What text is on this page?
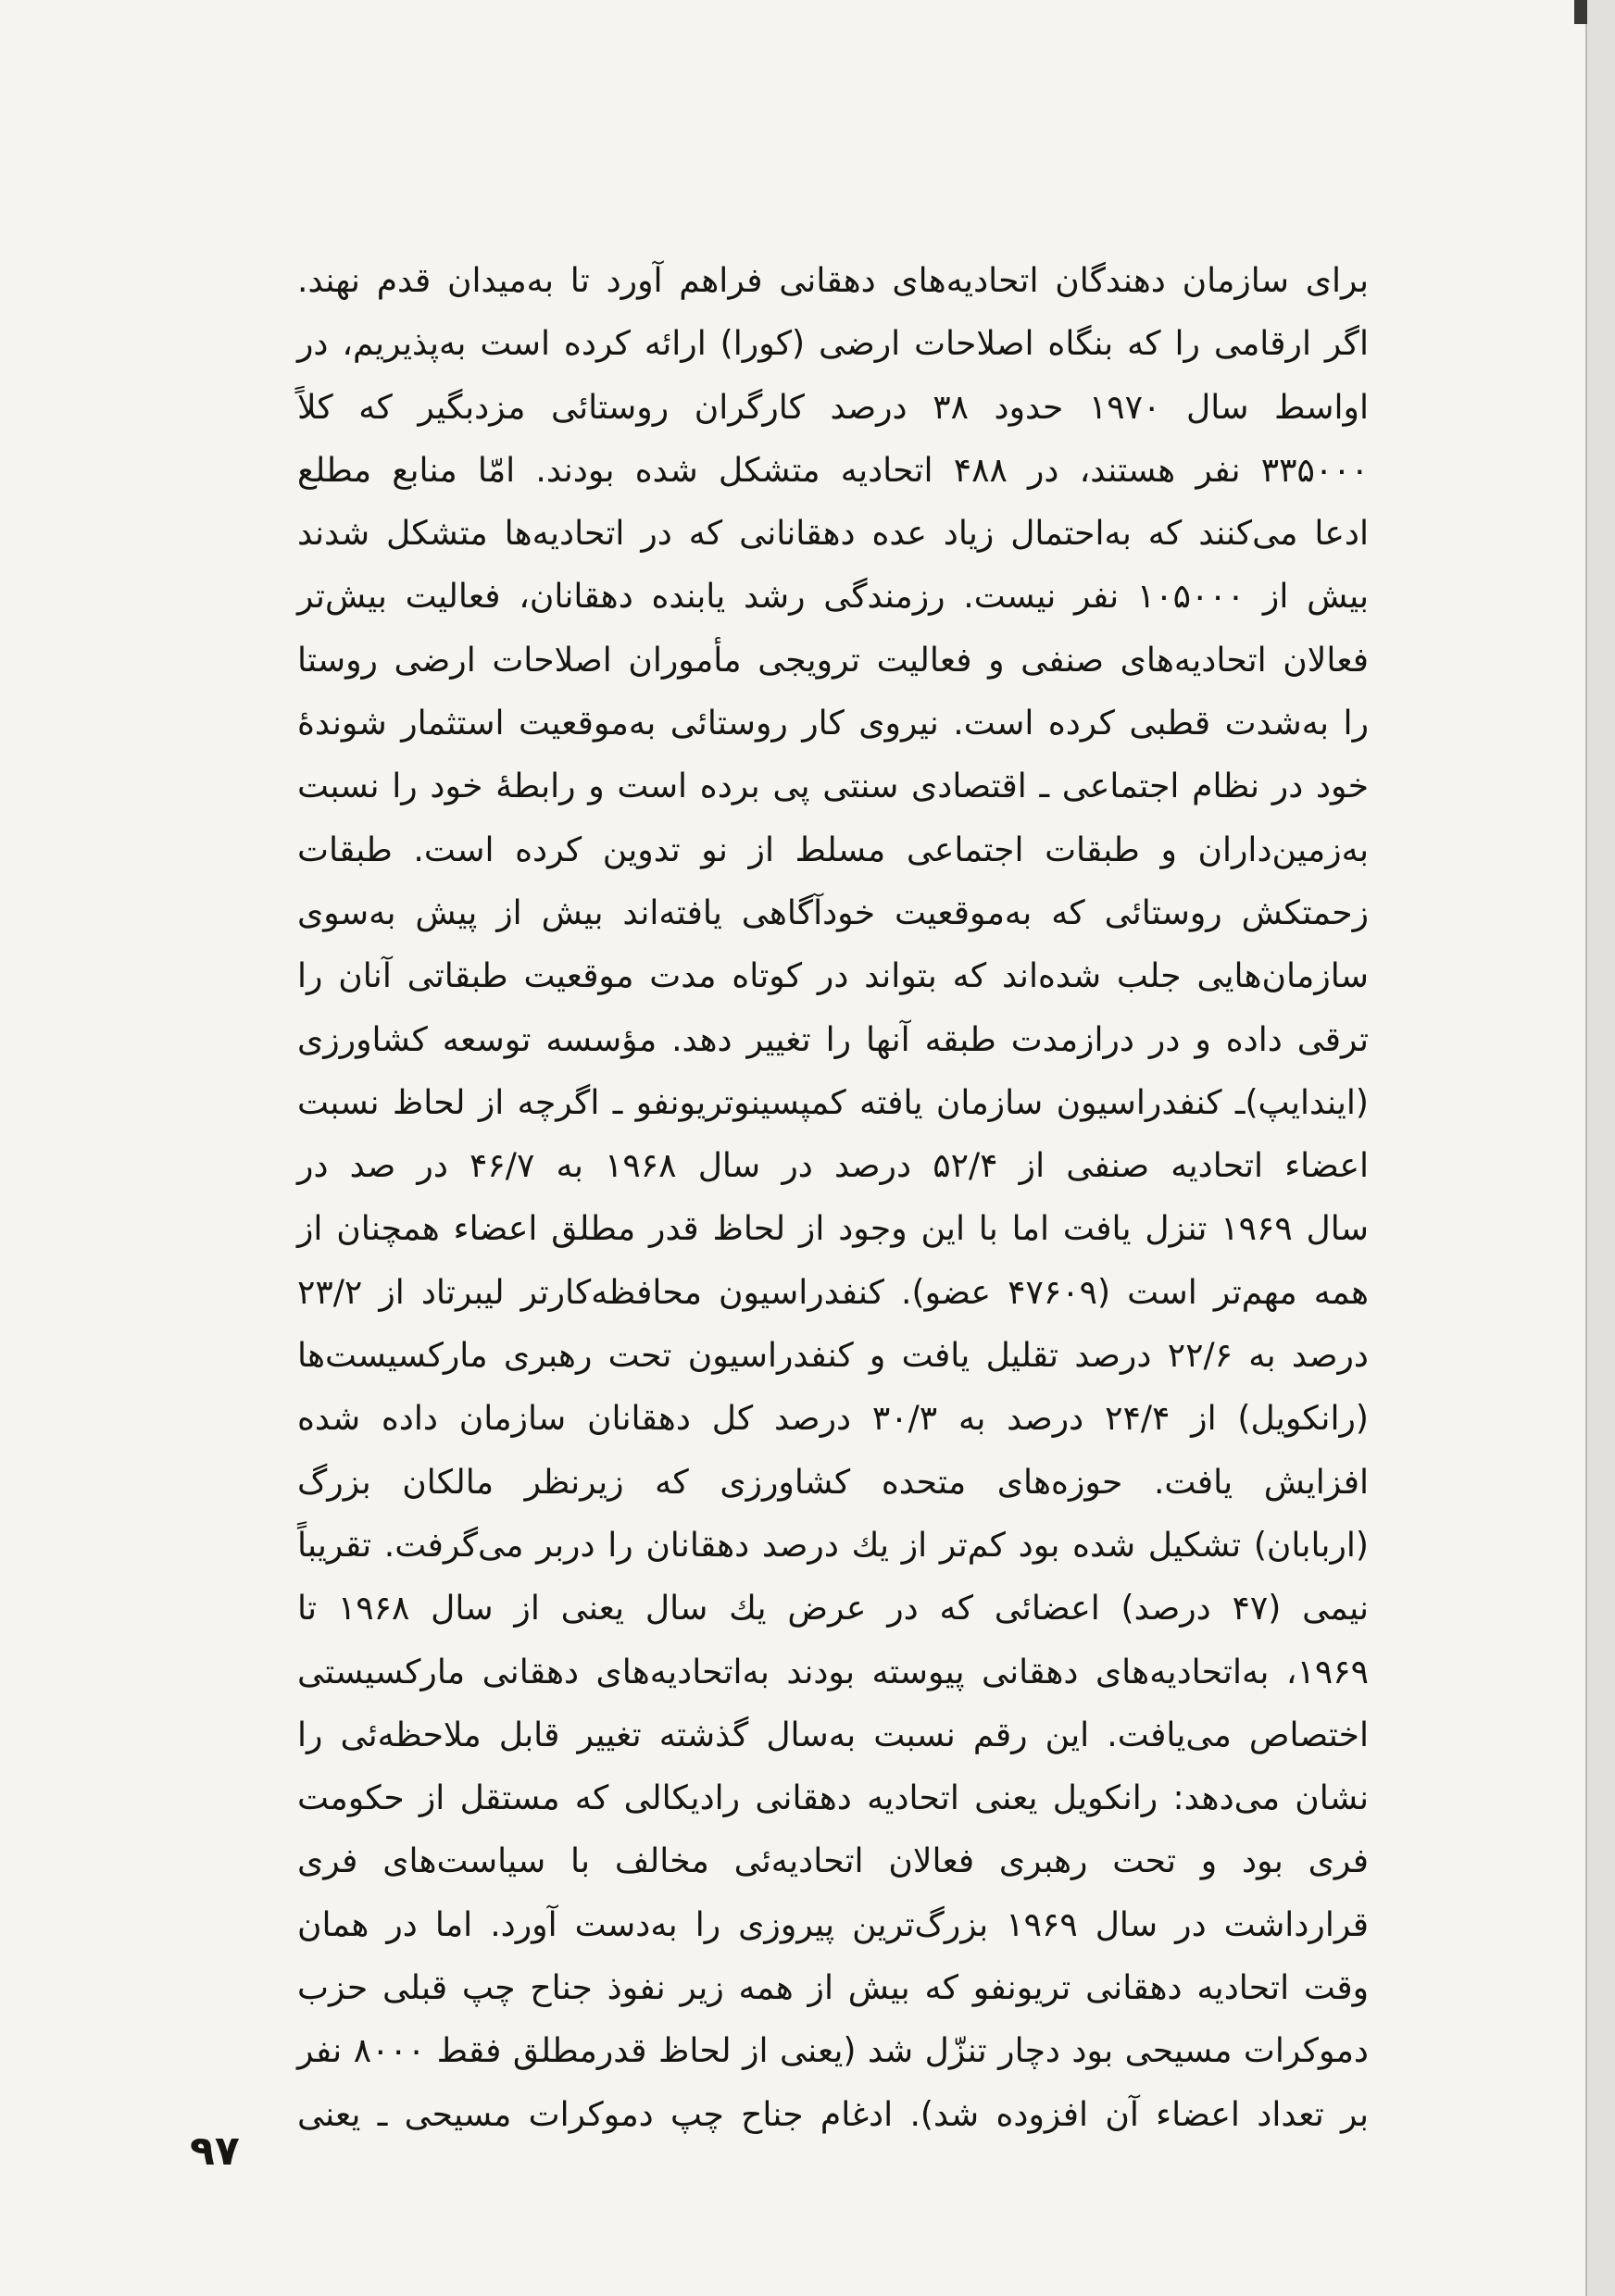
برای سازمان دهندگان اتحادیه‌های دهقانی فراهم آورد تا به‌میدان قدم نهند.
اگر ارقامی را که بنگاه اصلاحات ارضی (کورا) ارائه کرده است به‌پذیریم، در
اواسط سال ۱۹۷۰ حدود ۳۸ درصد کارگران روستائی مزدبگیر که کلاً
۳۳۵۰۰۰ نفر هستند، در ۴۸۸ اتحادیه متشکل شده بودند. امّا منابع مطلع
ادعا می‌کنند که به‌احتمال زیاد عده دهقانانی که در اتحادیه‌ها متشکل شدند
بیش از ۱۰۵۰۰۰ نفر نیست. رزمندگی رشد یابنده دهقانان، فعالیت بیش‌تر
فعالان اتحادیه‌های صنفی و فعالیت ترویجی مأموران اصلاحات ارضی روستا
را به‌شدت قطبی کرده است. نیروی کار روستائی به‌موقعیت استثمار شوندهٔ
خود در نظام اجتماعی ـ اقتصادی سنتی پی برده است و رابطهٔ خود را نسبت
به‌زمین‌داران و طبقات اجتماعی مسلط از نو تدوین کرده است. طبقات
زحمتکش روستائی که به‌موقعیت خودآگاهی یافته‌اند بیش از پیش به‌سوی
سازمان‌هایی جلب شده‌اند که بتواند در کوتاه مدت موقعیت طبقاتی آنان را
ترقی داده و در درازمدت طبقه آنها را تغییر دهد. مؤسسه توسعه کشاورزی
(ایندایپ)ـ کنفدراسیون سازمان یافته کمپسینوتریونفو ـ اگرچه از لحاظ نسبت
اعضاء اتحادیه صنفی از ۵۲/۴ درصد در سال ۱۹۶۸ به ۴۶/۷ در صد در
سال ۱۹۶۹ تنزل یافت اما با این وجود از لحاظ قدر مطلق اعضاء همچنان از
همه مهم‌تر است (۴۷۶۰۹ عضو). کنفدراسیون محافظه‌کارتر لیبرتاد از ۲۳/۲
درصد به ۲۲/۶ درصد تقلیل یافت و کنفدراسیون تحت رهبری مارکسیست‌ها
(رانکویل) از ۲۴/۴ درصد به ۳۰/۳ درصد کل دهقانان سازمان داده شده
افزایش یافت. حوزه‌های متحده کشاورزی که زیرنظر مالکان بزرگ
(اربابان) تشکیل شده بود کم‌تر از یك درصد دهقانان را دربر می‌گرفت. تقریباً
نیمی (۴۷ درصد) اعضائی که در عرض یك سال یعنی از سال ۱۹۶۸ تا
۱۹۶۹، به‌اتحادیه‌های دهقانی پیوسته بودند به‌اتحادیه‌های دهقانی مارکسیستی
اختصاص می‌یافت. این رقم نسبت به‌سال گذشته تغییر قابل ملاحظه‌ئی را
نشان می‌دهد: رانکویل یعنی اتحادیه دهقانی رادیکالی که مستقل از حکومت
فری بود و تحت رهبری فعالان اتحادیه‌ئی مخالف با سیاست‌های فری
قرارداشت در سال ۱۹۶۹ بزرگ‌ترین پیروزی را به‌دست آورد. اما در همان
وقت اتحادیه دهقانی تریونفو که بیش از همه زیر نفوذ جناح چپ قبلی حزب
دموکرات مسیحی بود دچار تنزّل شد (یعنی از لحاظ قدرمطلق فقط ۸۰۰۰ نفر
بر تعداد اعضاء آن افزوده شد). ادغام جناح چپ دموکرات مسیحی ـ یعنی
۹۷
